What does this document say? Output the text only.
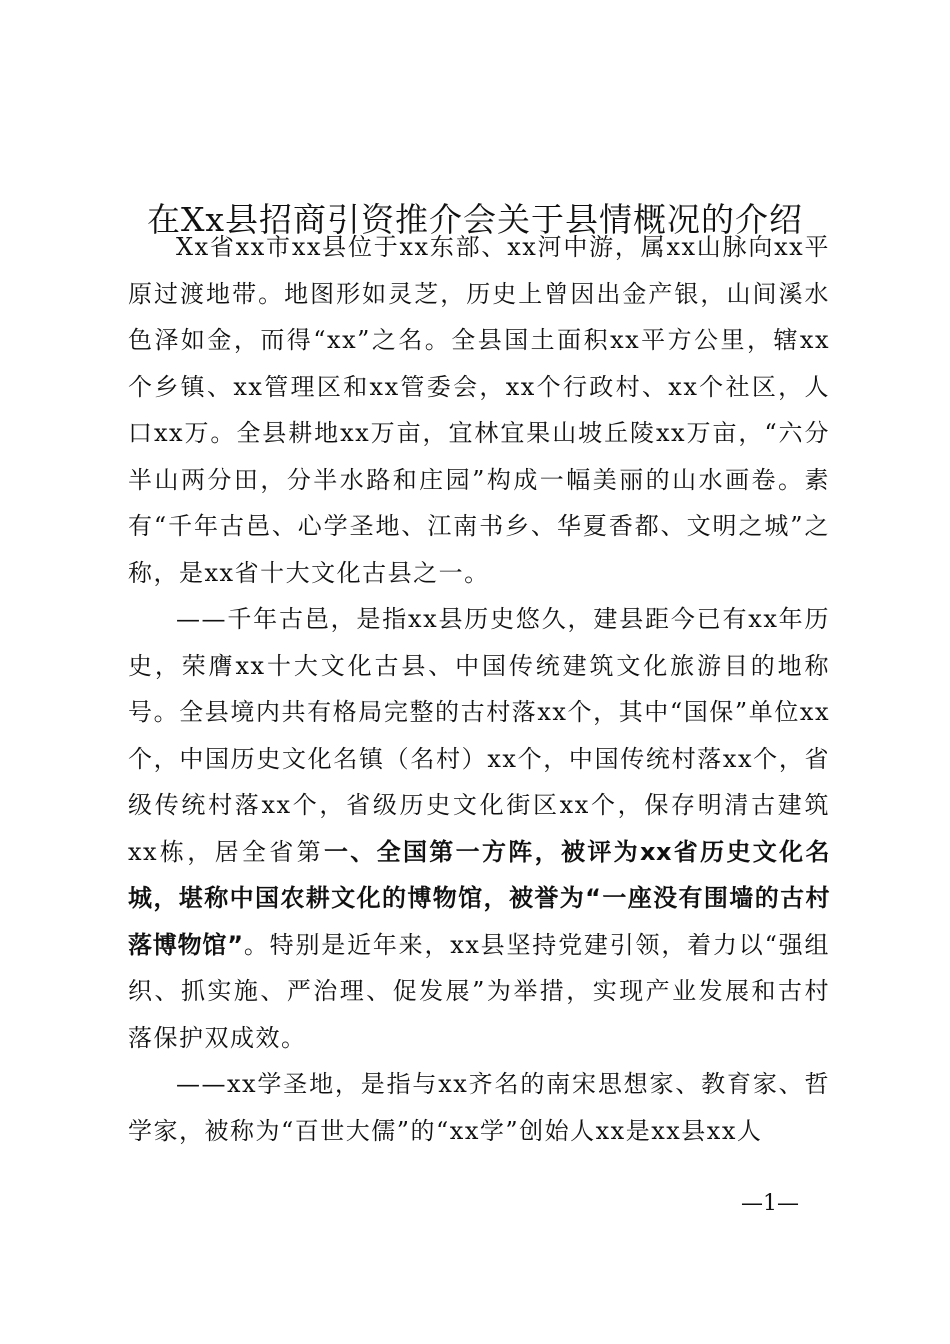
在Xx县招商引资推介会关于县情概况的介绍

Xx省xx市xx县位于xx东部、xx河中游，属xx山脉向xx平原过渡地带。地图形如灵芝，历史上曾因出金产银，山间溪水色泽如金，而得“xx”之名。全县国土面积xx平方公里，辖xx个乡镇、xx管理区和xx管委会，xx个行政村、xx个社区，人口xx万。全县耕地xx万亩，宜林宜果山坡丘陵xx万亩，“六分半山两分田，分半水路和庄园”构成一幅美丽的山水画卷。素有“千年古邑、心学圣地、江南书乡、华夏香都、文明之城”之称，是xx省十大文化古县之一。

——千年古邑，是指xx县历史悠久，建县距今已有xx年历史，荣膺xx十大文化古县、中国传统建筑文化旅游目的地称号。全县境内共有格局完整的古村落xx个，其中“国保”单位xx个，中国历史文化名镇（名村）xx个，中国传统村落xx个，省级传统村落xx个，省级历史文化街区xx个，保存明清古建筑xx栋，居全省第一、全国第一方阵，被评为xx省历史文化名城，堪称中国农耕文化的博物馆，被誉为“一座没有围墙的古村落博物馆”。特别是近年来，xx县坚持党建引领，着力以“强组织、抓实施、严治理、促发展”为举措，实现产业发展和古村落保护双成效。

——xx学圣地，是指与xx齐名的南宋思想家、教育家、哲学家，被称为“百世大儒”的“xx学”创始人xx是xx县xx人

—1—
